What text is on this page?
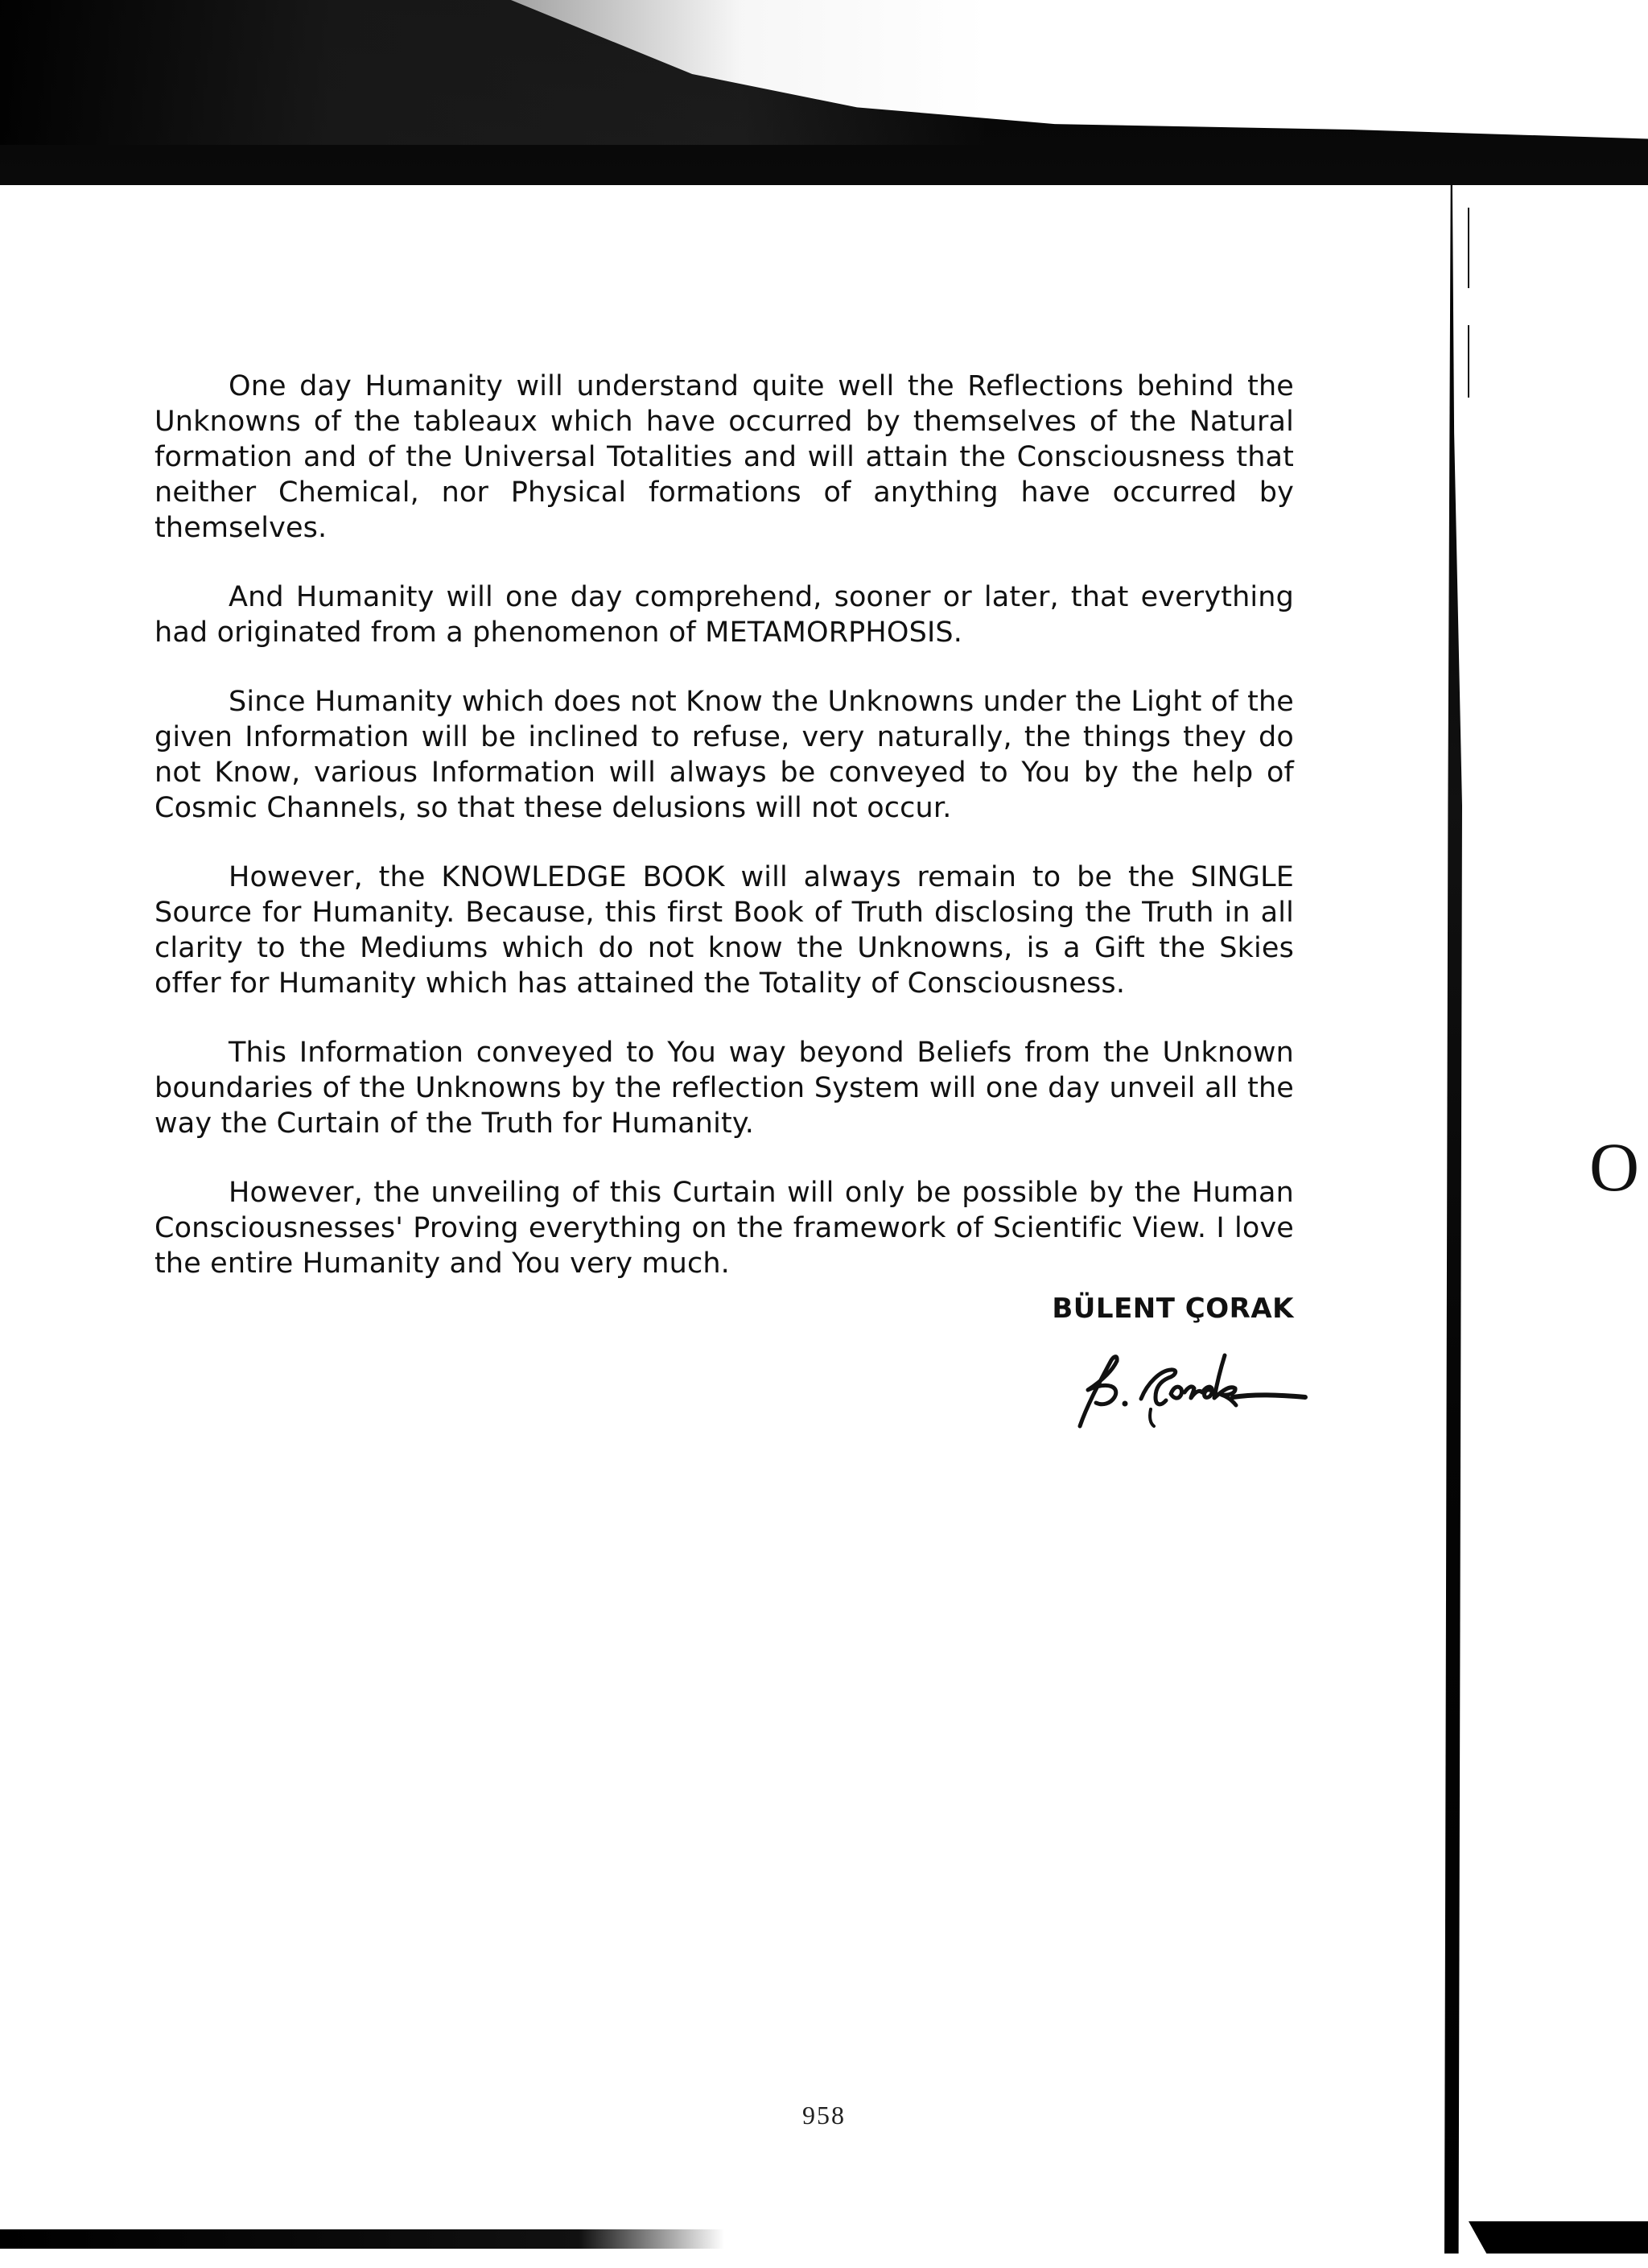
O

One day Humanity will understand quite well the Reflections behind the Unknowns of the tableaux which have occurred by themselves of the Natural formation and of the Universal Totalities and will attain the Consciousness that neither Chemical, nor Physical formations of anything have occurred by themselves.

And Humanity will one day comprehend, sooner or later, that everything had originated from a phenomenon of METAMORPHOSIS.

Since Humanity which does not Know the Unknowns under the Light of the given Information will be inclined to refuse, very naturally, the things they do not Know, various Information will always be conveyed to You by the help of Cosmic Channels, so that these delusions will not occur.

However, the KNOWLEDGE BOOK will always remain to be the SINGLE Source for Humanity. Because, this first Book of Truth disclosing the Truth in all clarity to the Mediums which do not know the Unknowns, is a Gift the Skies offer for Humanity which has attained the Totality of Consciousness.

This Information conveyed to You way beyond Beliefs from the Unknown boundaries of the Unknowns by the reflection System will one day unveil all the way the Curtain of the Truth for Humanity.

However, the unveiling of this Curtain will only be possible by the Human Consciousnesses' Proving everything on the framework of Scientific View. I love the entire Humanity and You very much.

BÜLENT ÇORAK
958
